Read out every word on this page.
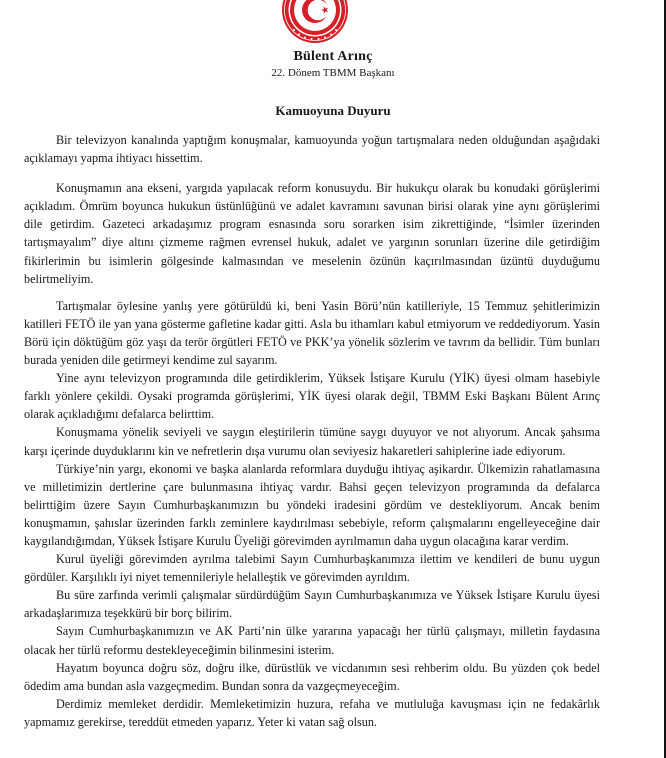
Bülent Arınç
22. Dönem TBMM Başkanı
Kamuoyuna Duyuru

Bir televizyon kanalında yaptığım konuşmalar, kamuoyunda yoğun tartışmalara neden olduğundan aşağıdaki açıklamayı yapma ihtiyacı hissettim.

Konuşmamın ana ekseni, yargıda yapılacak reform konusuydu. Bir hukukçu olarak bu konudaki görüşlerimi açıkladım. Ömrüm boyunca hukukun üstünlüğünü ve adalet kavramını savunan birisi olarak yine aynı görüşlerimi dile getirdim. Gazeteci arkadaşımız program esnasında soru sorarken isim zikrettiğinde, “İsimler üzerinden tartışmayalım” diye altını çizmeme rağmen evrensel hukuk, adalet ve yargının sorunları üzerine dile getirdiğim fikirlerimin bu isimlerin gölgesinde kalmasından ve meselenin özünün kaçırılmasından üzüntü duyduğumu belirtmeliyim.

Tartışmalar öylesine yanlış yere götürüldü ki, beni Yasin Börü’nün katilleriyle, 15 Temmuz şehitlerimizin katilleri FETÖ ile yan yana gösterme gafletine kadar gitti. Asla bu ithamları kabul etmiyorum ve reddediyorum. Yasin Börü için döktüğüm göz yaşı da terör örgütleri FETÖ ve PKK’ya yönelik sözlerim ve tavrım da bellidir. Tüm bunları burada yeniden dile getirmeyi kendime zul sayarım.

Yine aynı televizyon programında dile getirdiklerim, Yüksek İstişare Kurulu (YİK) üyesi olmam hasebiyle farklı yönlere çekildi. Oysaki programda görüşlerimi, YİK üyesi olarak değil, TBMM Eski Başkanı Bülent Arınç olarak açıkladığımı defalarca belirttim.

Konuşmama yönelik seviyeli ve saygın eleştirilerin tümüne saygı duyuyor ve not alıyorum. Ancak şahsıma karşı içerinde duyduklarını kin ve nefretlerin dışa vurumu olan seviyesiz hakaretleri sahiplerine iade ediyorum.

Türkiye’nin yargı, ekonomi ve başka alanlarda reformlara duyduğu ihtiyaç aşikardır. Ülkemizin rahatlamasına ve milletimizin dertlerine çare bulunmasına ihtiyaç vardır. Bahsi geçen televizyon programında da defalarca belirttiğim üzere Sayın Cumhurbaşkanımızın bu yöndeki iradesini gördüm ve destekliyorum. Ancak benim konuşmamın, şahıslar üzerinden farklı zeminlere kaydırılması sebebiyle, reform çalışmalarını engelleyeceğine dair kaygılandığımdan, Yüksek İstişare Kurulu Üyeliği görevimden ayrılmamın daha uygun olacağına karar verdim.

Kurul üyeliği görevimden ayrılma talebimi Sayın Cumhurbaşkanımıza ilettim ve kendileri de bunu uygun gördüler. Karşılıklı iyi niyet temennileriyle helalleştik ve görevimden ayrıldım.

Bu süre zarfında verimli çalışmalar sürdürdüğüm Sayın Cumhurbaşkanımıza ve Yüksek İstişare Kurulu üyesi arkadaşlarımıza teşekkürü bir borç bilirim.

Sayın Cumhurbaşkanımızın ve AK Parti’nin ülke yararına yapacağı her türlü çalışmayı, milletin faydasına olacak her türlü reformu destekleyeceğimin bilinmesini isterim.

Hayatım boyunca doğru söz, doğru ilke, dürüstlük ve vicdanımın sesi rehberim oldu. Bu yüzden çok bedel ödedim ama bundan asla vazgeçmedim. Bundan sonra da vazgeçmeyeceğim.

Derdimiz memleket derdidir. Memleketimizin huzura, refaha ve mutluluğa kavuşması için ne fedakârlık yapmamız gerekirse, tereddüt etmeden yaparız. Yeter ki vatan sağ olsun.
